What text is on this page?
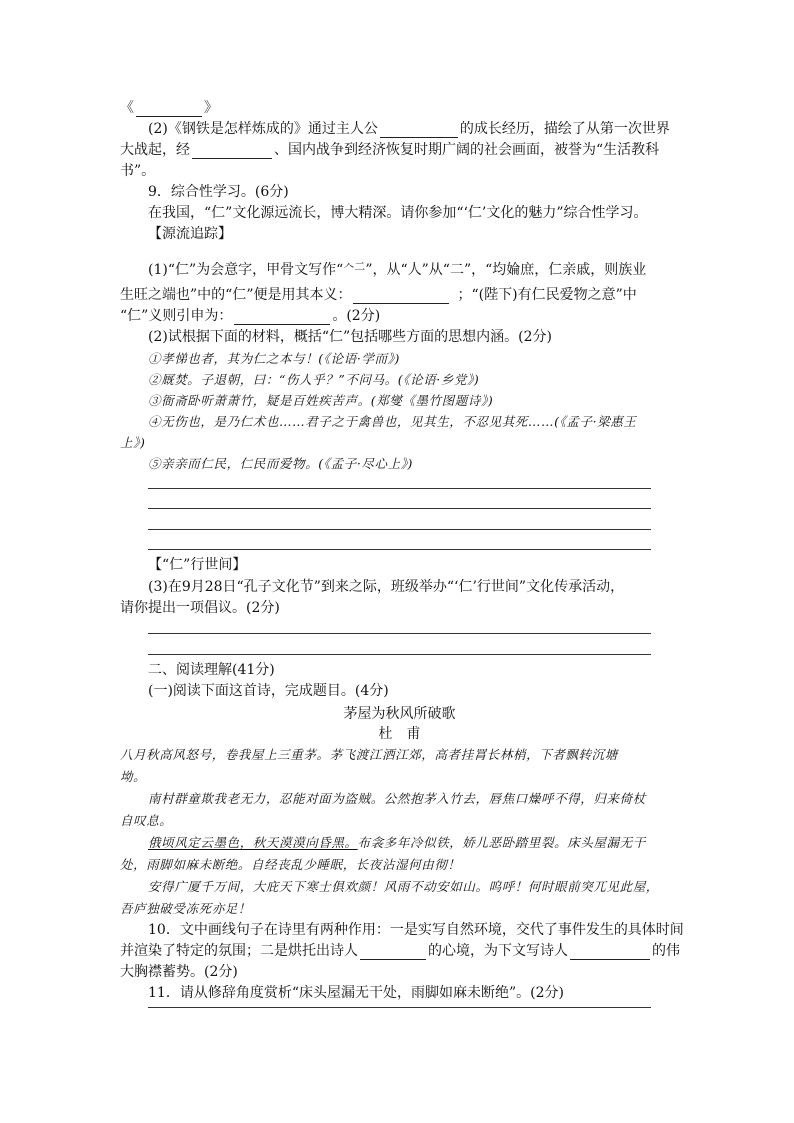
《	》
(2)《钢铁是怎样炼成的》通过主人公	的成长经历，描绘了从第一次世界
大战起，经	、国内战争到经济恢复时期广阔的社会画面，被誉为“生活教科
书”。
9．综合性学习。(6分)
在我国，“仁”文化源远流长，博大精深。请你参加“‘仁’文化的魅力”综合性学习。
【源流追踪】
(1)“仁”为会意字，甲骨文写作“𠆢二”，从“人”从“二”，“均婨庶，仁亲戚，则族业
生旺之端也”中的“仁”便是用其本义：	；“(陛下)有仁民爱物之意”中
“仁”义则引申为：	。(2分)
(2)试根据下面的材料，概括“仁”包括哪些方面的思想内涵。(2分)
①孝悌也者，其为仁之本与！(《论语·学而》)
②厩焚。子退朝，曰：“伤人乎？”不问马。(《论语·乡党》)
③衙斋卧听萧萧竹，疑是百姓疾苦声。(郑燮《墨竹图题诗》)
④无伤也，是乃仁术也……君子之于禽兽也，见其生，不忍见其死……(《孟子·梁惠王
上》)
⑤亲亲而仁民，仁民而爱物。(《孟子·尽心上》)
【“仁”行世间】
(3)在9月28日“孔子文化节”到来之际，班级举办“‘仁’行世间”文化传承活动，
请你提出一项倡议。(2分)
二、阅读理解(41分)
(一)阅读下面这首诗，完成题目。(4分)
茅屋为秋风所破歌
杜　甫
八月秋高风怒号，卷我屋上三重茅。茅飞渡江洒江郊，高者挂罥长林梢，下者飘转沉塘
坳。
南村群童欺我老无力，忍能对面为盗贼。公然抱茅入竹去，唇焦口燥呼不得，归来倚杖
自叹息。
俄顷风定云墨色，秋天漠漠向昏黑。布衾多年冷似铁，娇儿恶卧踏里裂。床头屋漏无干
处，雨脚如麻未断绝。自经丧乱少睡眠，长夜沾湿何由彻！
安得广厦千万间，大庇天下寒士俱欢颜！风雨不动安如山。呜呼！何时眼前突兀见此屋，
吾庐独破受冻死亦足！
10．文中画线句子在诗里有两种作用：一是实写自然环境，交代了事件发生的具体时间
并渲染了特定的氛围；二是烘托出诗人	的心境，为下文写诗人	的伟
大胸襟蓄势。(2分)
11．请从修辞角度赏析“床头屋漏无干处，雨脚如麻未断绝”。(2分)
